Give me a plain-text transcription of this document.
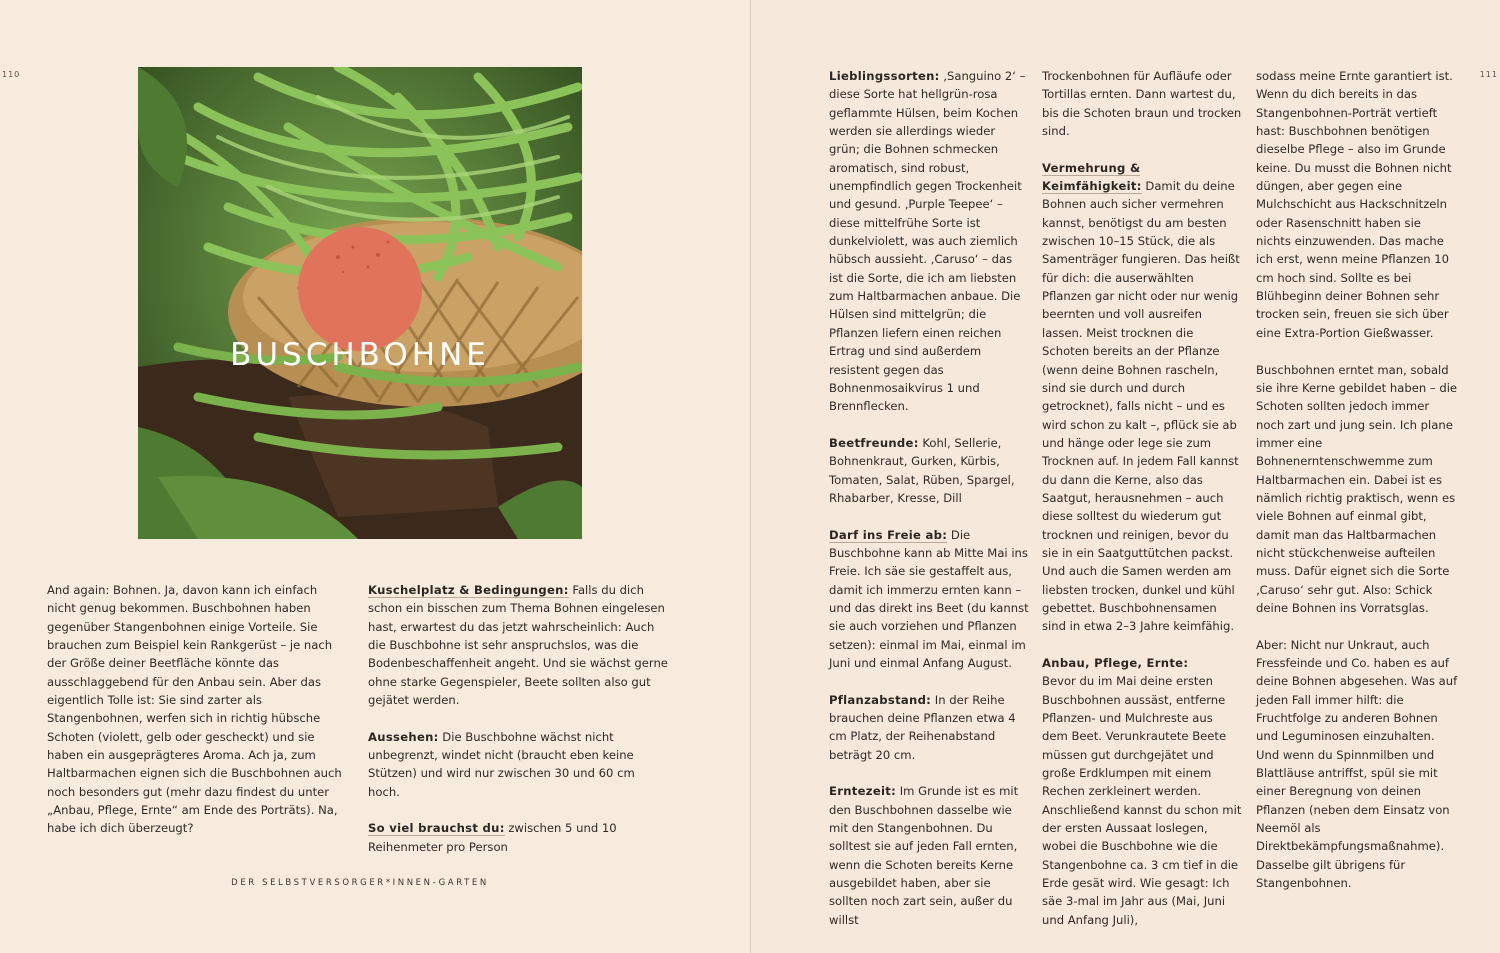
110
BUSCHBOHNE

And again: Bohnen. Ja, davon kann ich einfach nicht genug bekommen. Buschbohnen haben gegenüber Stangenbohnen einige Vorteile. Sie brauchen zum Beispiel kein Rankgerüst – je nach der Größe deiner Beetfläche könnte das ausschlaggebend für den Anbau sein. Aber das eigentlich Tolle ist: Sie sind zarter als Stangenbohnen, werfen sich in richtig hübsche Schoten (violett, gelb oder gescheckt) und sie haben ein ausgeprägteres Aroma. Ach ja, zum Haltbarmachen eignen sich die Buschbohnen auch noch besonders gut (mehr dazu findest du unter „Anbau, Pflege, Ernte“ am Ende des Porträts). Na, habe ich dich überzeugt?

Kuschelplatz & Bedingungen: Falls du dich schon ein bisschen zum Thema Bohnen eingelesen hast, erwartest du das jetzt wahrscheinlich: Auch die Buschbohne ist sehr anspruchslos, was die Bodenbeschaffenheit angeht. Und sie wächst gerne ohne starke Gegenspieler, Beete sollten also gut gejätet werden.

Aussehen: Die Buschbohne wächst nicht unbegrenzt, windet nicht (braucht eben keine Stützen) und wird nur zwischen 30 und 60 cm hoch.

So viel brauchst du: zwischen 5 und 10 Reihenmeter pro Person

DER SELBSTVERSORGER*INNEN-GARTEN
111

Lieblingssorten: ‚Sanguino 2‘ – diese Sorte hat hellgrün-rosa geflammte Hülsen, beim Kochen werden sie allerdings wieder grün; die Bohnen schmecken aromatisch, sind robust, unempfindlich gegen Trockenheit und gesund. ‚Purple Teepee‘ – diese mittelfrühe Sorte ist dunkelviolett, was auch ziemlich hübsch aussieht. ‚Caruso‘ – das ist die Sorte, die ich am liebsten zum Haltbarmachen anbaue. Die Hülsen sind mittelgrün; die Pflanzen liefern einen reichen Ertrag und sind außerdem resistent gegen das Bohnenmosaikvirus 1 und Brennflecken.

Beetfreunde: Kohl, Sellerie, Bohnenkraut, Gurken, Kürbis, Tomaten, Salat, Rüben, Spargel, Rhabarber, Kresse, Dill

Darf ins Freie ab: Die Buschbohne kann ab Mitte Mai ins Freie. Ich säe sie gestaffelt aus, damit ich immerzu ernten kann – und das direkt ins Beet (du kannst sie auch vorziehen und Pflanzen setzen): einmal im Mai, einmal im Juni und einmal Anfang August.

Pflanzabstand: In der Reihe brauchen deine Pflanzen etwa 4 cm Platz, der Reihenabstand beträgt 20 cm.

Erntezeit: Im Grunde ist es mit den Buschbohnen dasselbe wie mit den Stangenbohnen. Du solltest sie auf jeden Fall ernten, wenn die Schoten bereits Kerne ausgebildet haben, aber sie sollten noch zart sein, außer du willst

Trockenbohnen für Aufläufe oder Tortillas ernten. Dann wartest du, bis die Schoten braun und trocken sind.

Vermehrung & Keimfähigkeit: Damit du deine Bohnen auch sicher vermehren kannst, benötigst du am besten zwischen 10–15 Stück, die als Samenträger fungieren. Das heißt für dich: die auserwählten Pflanzen gar nicht oder nur wenig beernten und voll ausreifen lassen. Meist trocknen die Schoten bereits an der Pflanze (wenn deine Bohnen rascheln, sind sie durch und durch getrocknet), falls nicht – und es wird schon zu kalt –, pflück sie ab und hänge oder lege sie zum Trocknen auf. In jedem Fall kannst du dann die Kerne, also das Saatgut, herausnehmen – auch diese solltest du wiederum gut trocknen und reinigen, bevor du sie in ein Saatguttütchen packst. Und auch die Samen werden am liebsten trocken, dunkel und kühl gebettet. Buschbohnensamen sind in etwa 2–3 Jahre keimfähig.

Anbau, Pflege, Ernte:
Bevor du im Mai deine ersten Buschbohnen aussäst, entferne Pflanzen- und Mulchreste aus dem Beet. Verunkrautete Beete müssen gut durchgejätet und große Erdklumpen mit einem Rechen zerkleinert werden. Anschließend kannst du schon mit der ersten Aussaat loslegen, wobei die Buschbohne wie die Stangenbohne ca. 3 cm tief in die Erde gesät wird. Wie gesagt: Ich säe 3-mal im Jahr aus (Mai, Juni und Anfang Juli),

sodass meine Ernte garantiert ist. Wenn du dich bereits in das Stangenbohnen-Porträt vertieft hast: Buschbohnen benötigen dieselbe Pflege – also im Grunde keine. Du musst die Bohnen nicht düngen, aber gegen eine Mulchschicht aus Hackschnitzeln oder Rasenschnitt haben sie nichts einzuwenden. Das mache ich erst, wenn meine Pflanzen 10 cm hoch sind. Sollte es bei Blühbeginn deiner Bohnen sehr trocken sein, freuen sie sich über eine Extra-Portion Gießwasser.

Buschbohnen erntet man, sobald sie ihre Kerne gebildet haben – die Schoten sollten jedoch immer noch zart und jung sein. Ich plane immer eine Bohnenerntenschwemme zum Haltbarmachen ein. Dabei ist es nämlich richtig praktisch, wenn es viele Bohnen auf einmal gibt, damit man das Haltbarmachen nicht stückchenweise aufteilen muss. Dafür eignet sich die Sorte ‚Caruso‘ sehr gut. Also: Schick deine Bohnen ins Vorratsglas.

Aber: Nicht nur Unkraut, auch Fressfeinde und Co. haben es auf deine Bohnen abgesehen. Was auf jeden Fall immer hilft: die Fruchtfolge zu anderen Bohnen und Leguminosen einzuhalten. Und wenn du Spinnmilben und Blattläuse antriffst, spül sie mit einer Beregnung von deinen Pflanzen (neben dem Einsatz von Neemöl als Direktbekämpfungsmaßnahme). Dasselbe gilt übrigens für Stangenbohnen.
